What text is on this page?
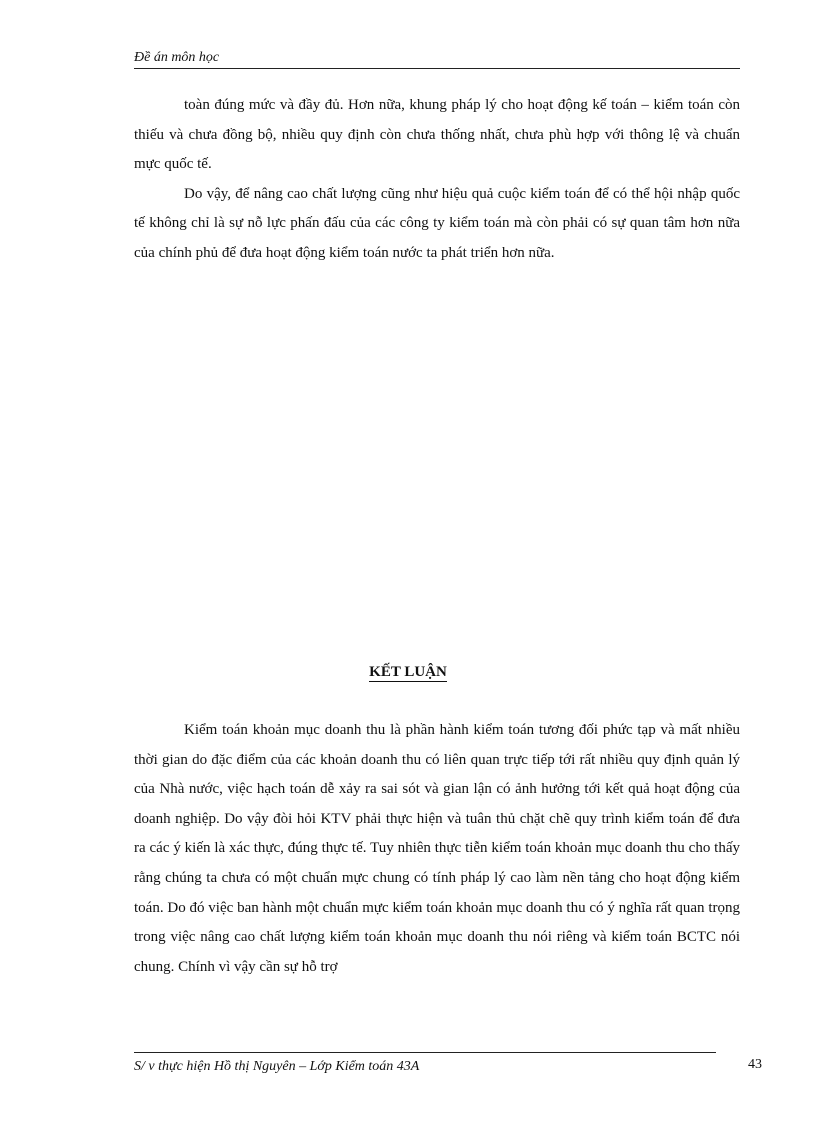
Đề án môn học

toàn đúng mức và đầy đủ. Hơn nữa, khung pháp lý cho hoạt động kế toán – kiểm toán còn thiếu và chưa đồng bộ, nhiều quy định còn chưa thống nhất, chưa phù hợp với thông lệ và chuẩn mực quốc tế.

Do vậy, để nâng cao chất lượng cũng như hiệu quả cuộc kiểm toán để có thể hội nhập quốc tế không chỉ là sự nỗ lực phấn đấu của các công ty kiểm toán mà còn phải có sự quan tâm hơn nữa của chính phủ để đưa hoạt động kiểm toán nước ta phát triển hơn nữa.

KẾT LUẬN

Kiểm toán khoản mục doanh thu là phần hành kiểm toán tương đối phức tạp và mất nhiều thời gian do đặc điểm của các khoản doanh thu có liên quan trực tiếp tới rất nhiều quy định quản lý của Nhà nước, việc hạch toán dễ xảy ra sai sót và gian lận có ảnh hưởng tới kết quả hoạt động của doanh nghiệp. Do vậy đòi hỏi KTV phải thực hiện và tuân thủ chặt chẽ quy trình kiểm toán để đưa ra các ý kiến là xác thực, đúng thực tế. Tuy nhiên thực tiễn kiểm toán khoản mục doanh thu cho thấy rằng chúng ta chưa có một chuẩn mực chung có tính pháp lý cao làm nền tảng cho hoạt động kiểm toán. Do đó việc ban hành một chuẩn mực kiểm toán khoản mục doanh thu có ý nghĩa rất quan trọng trong việc nâng cao chất lượng kiểm toán khoản mục doanh thu nói riêng và kiểm toán BCTC nói chung. Chính vì vậy cần sự hỗ trợ

S/ v thực hiện Hồ thị Nguyên – Lớp Kiểm toán 43A	43
